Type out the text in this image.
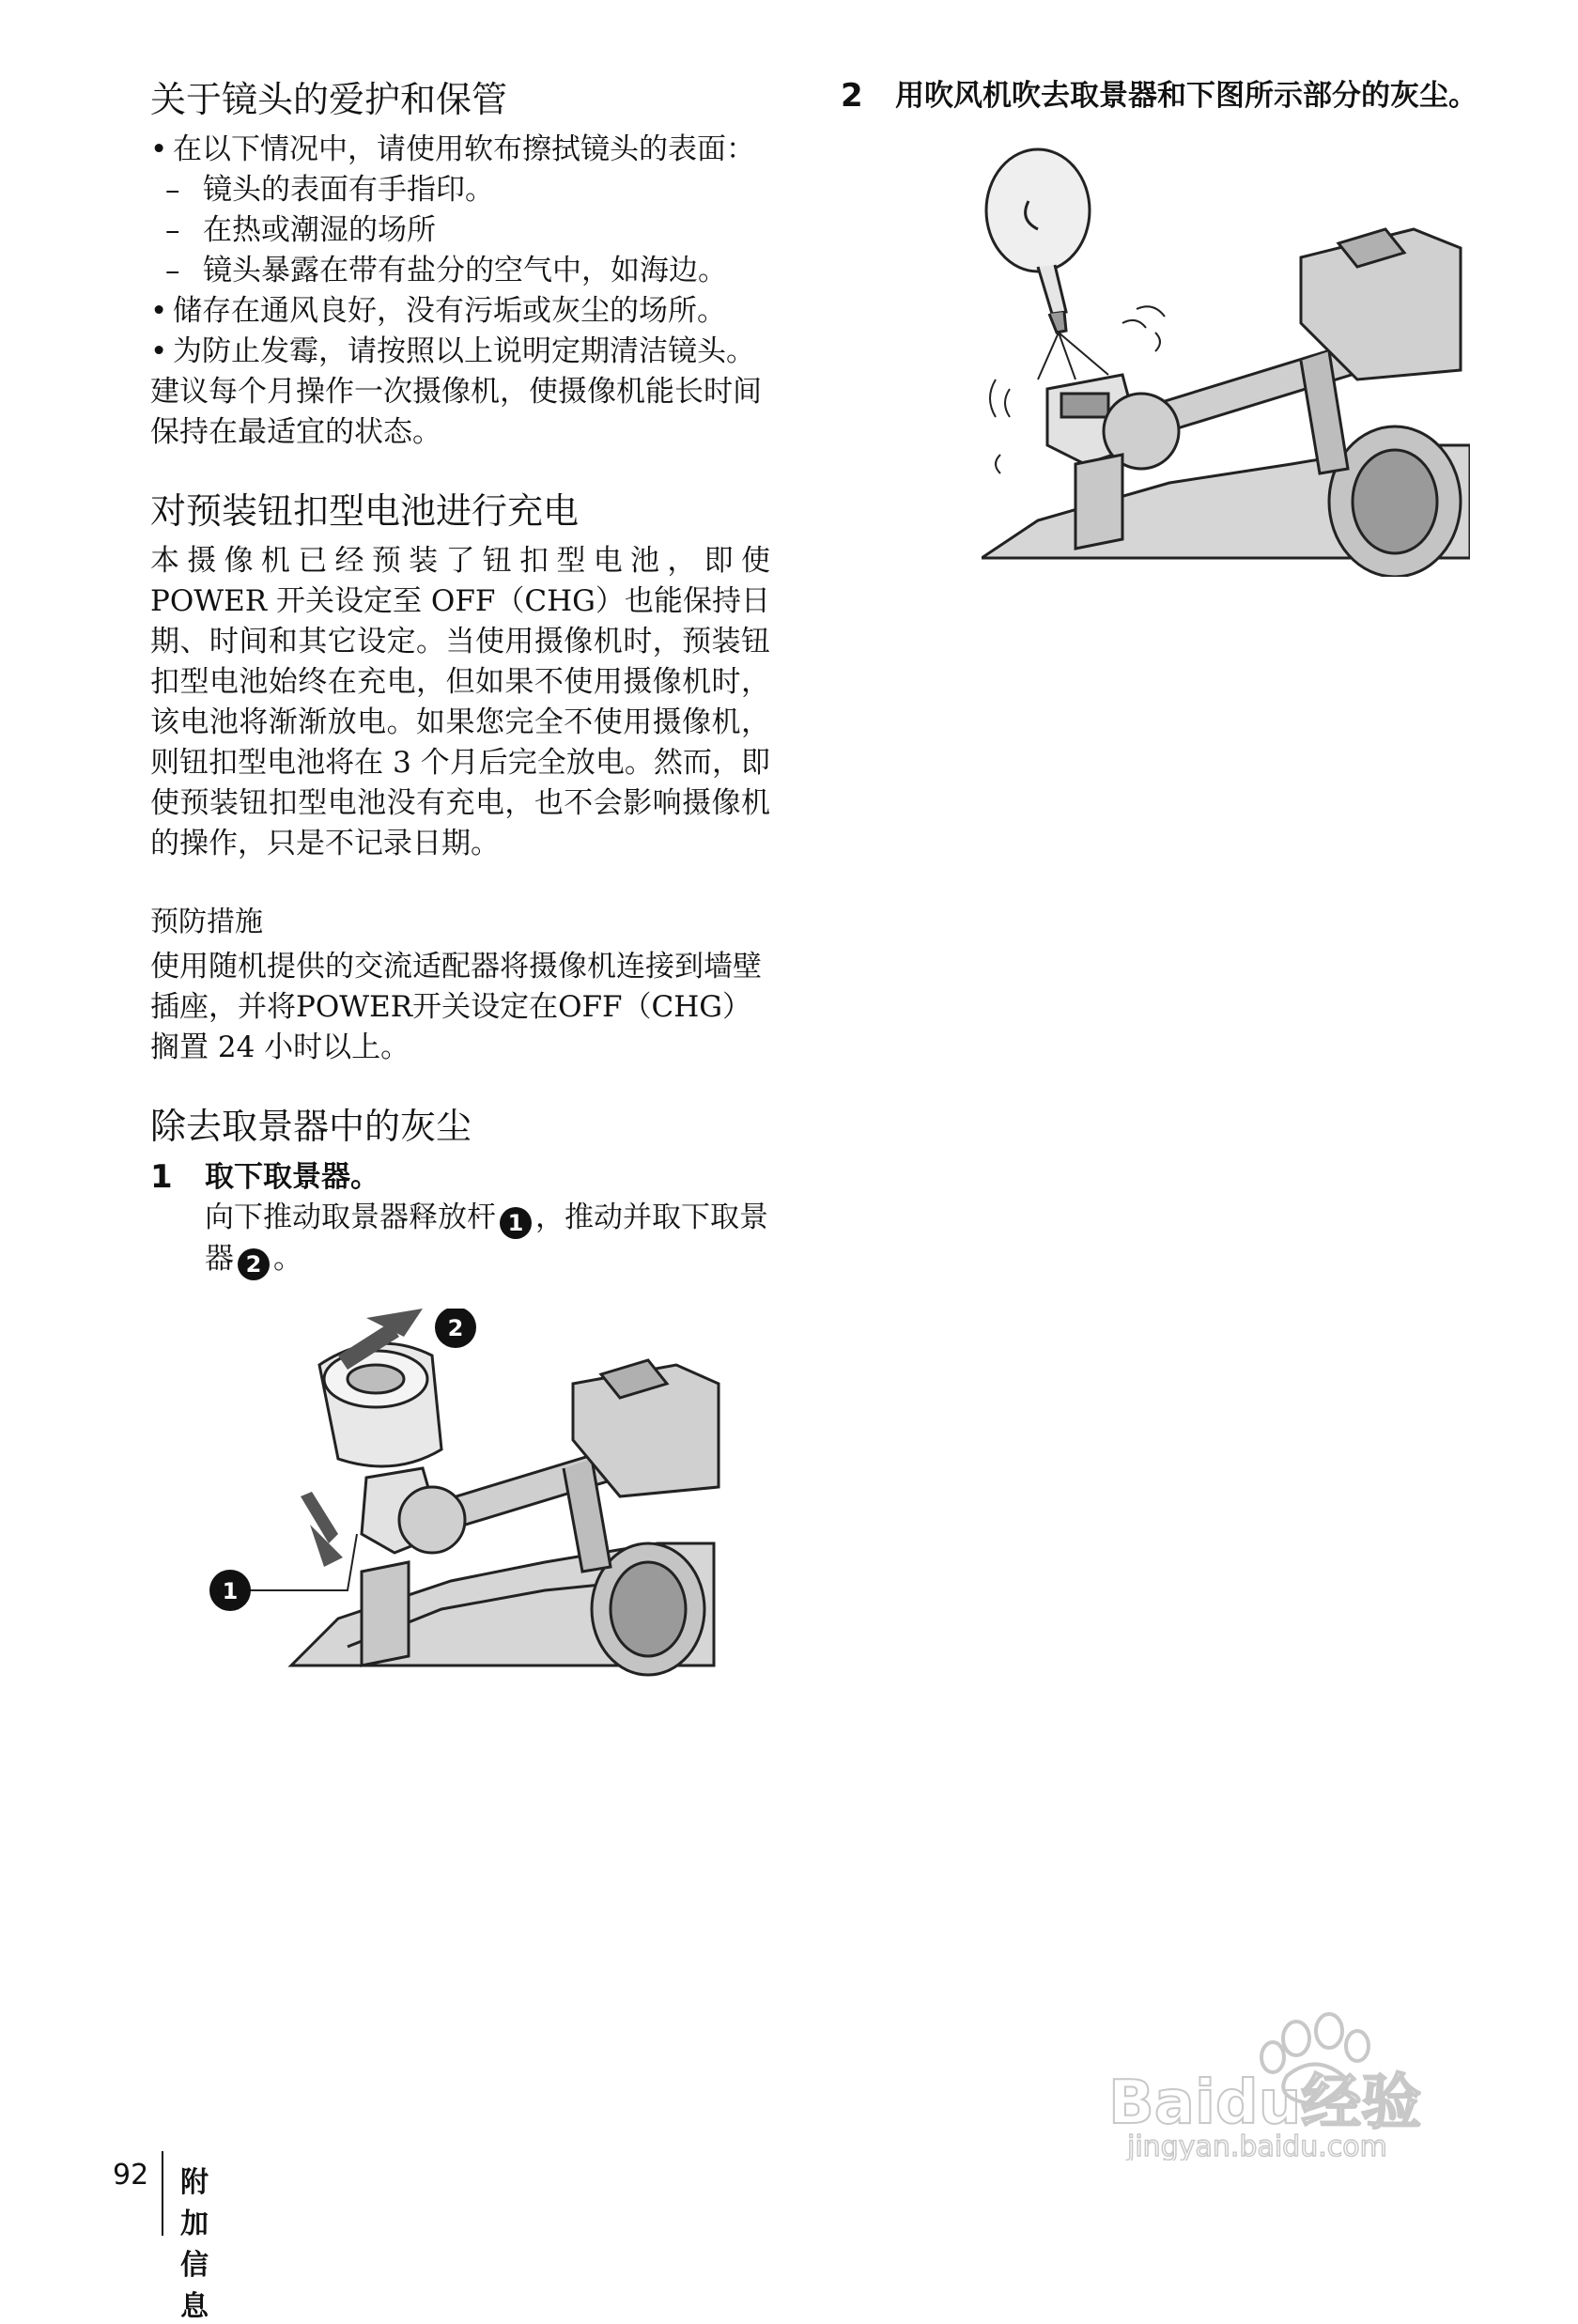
关于镜头的爱护和保管
• 在以下情况中，请使用软布擦拭镜头的表面：
– 镜头的表面有手指印。
– 在热或潮湿的场所
– 镜头暴露在带有盐分的空气中，如海边。
• 储存在通风良好，没有污垢或灰尘的场所。
• 为防止发霉，请按照以上说明定期清洁镜头。

建议每个月操作一次摄像机，使摄像机能长时间保持在最适宜的状态。

对预装钮扣型电池进行充电

本摄像机已经预装了钮扣型电池，即使 POWER 开关设定至 OFF（CHG）也能保持日期、时间和其它设定。当使用摄像机时，预装钮扣型电池始终在充电，但如果不使用摄像机时，该电池将渐渐放电。如果您完全不使用摄像机，则钮扣型电池将在 3 个月后完全放电。然而，即使预装钮扣型电池没有充电，也不会影响摄像机的操作，只是不记录日期。

预防措施

使用随机提供的交流适配器将摄像机连接到墙壁插座，并将POWER开关设定在OFF（CHG）搁置 24 小时以上。

除去取景器中的灰尘
1 取下取景器。

向下推动取景器释放杆 1 ，推动并取下取景器 2 。

2
1
2 用吹风机吹去取景器和下图所示部分的灰尘。
92 附加信息
Baidu经验
jingyan.baidu.com
